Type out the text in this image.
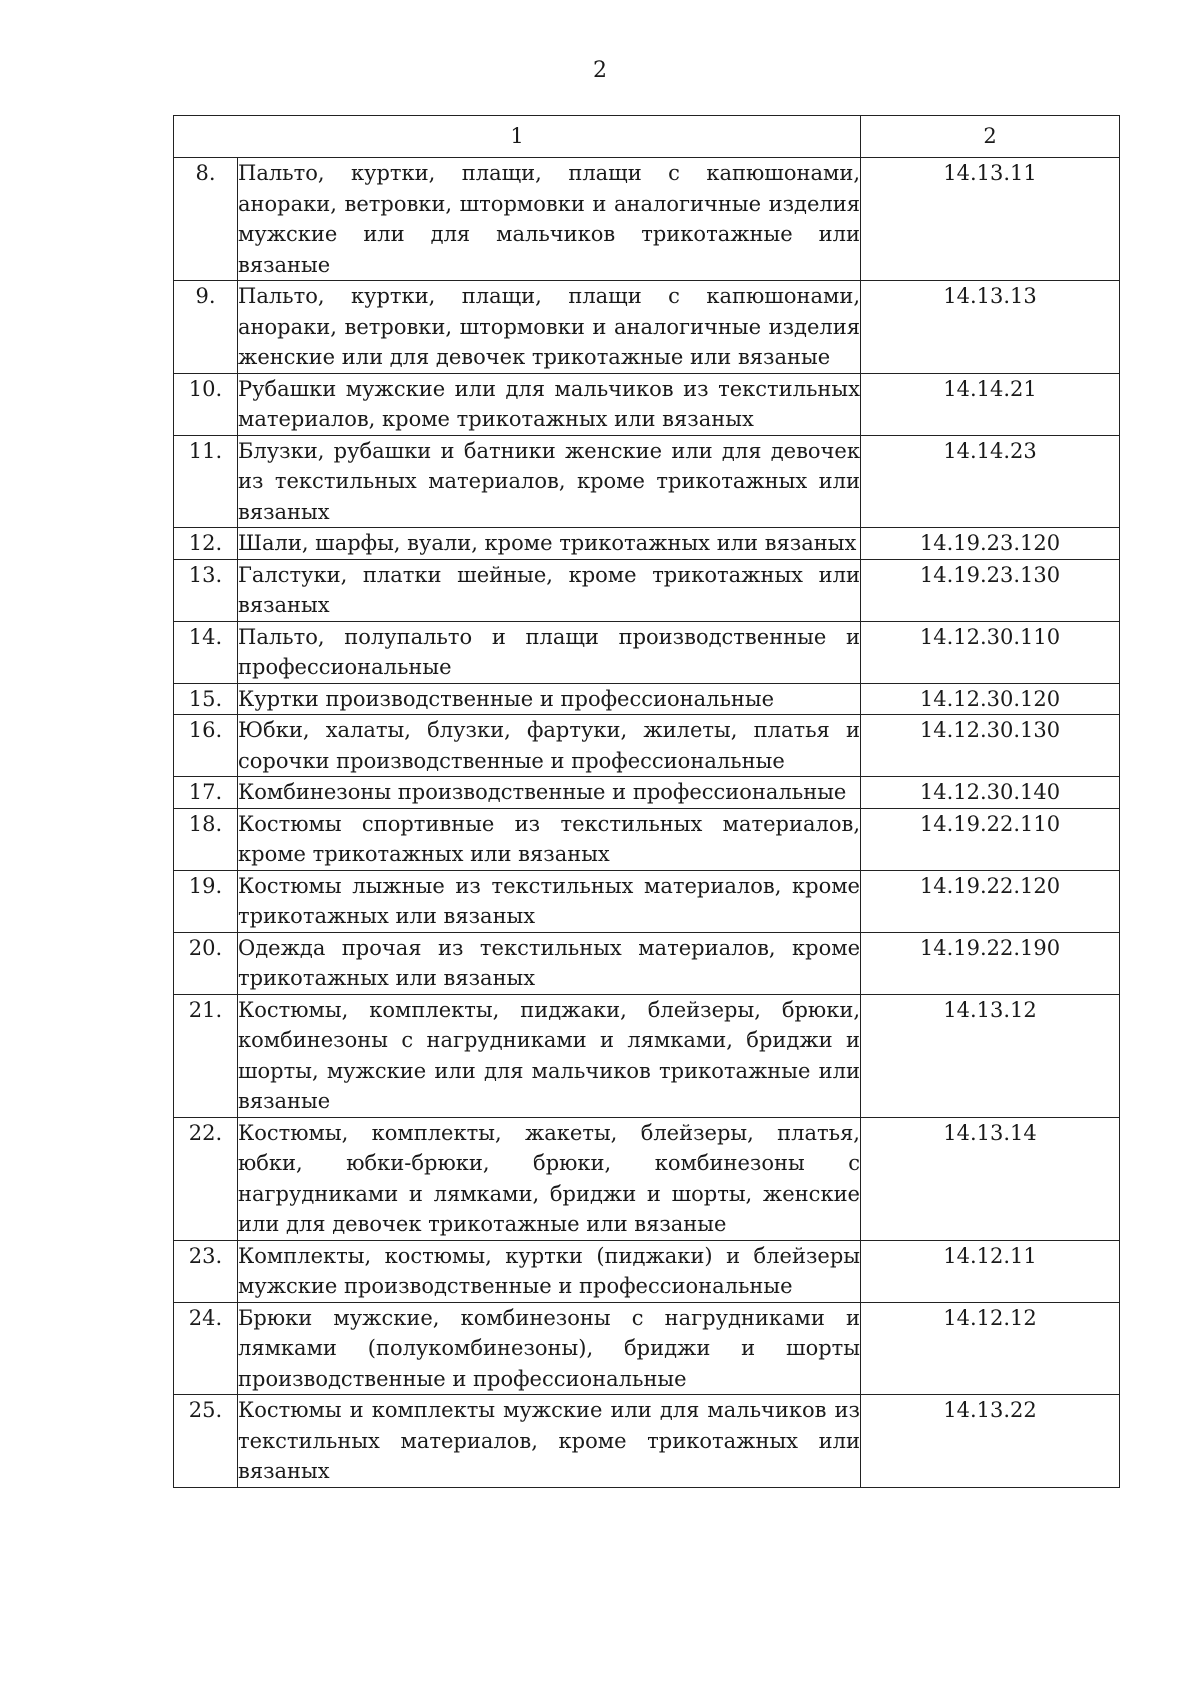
2
1		2
8.	Пальто, куртки, плащи, плащи с капюшонами, анораки, ветровки, штормовки и аналогичные изделия мужские или для мальчиков трикотажные или вязаные	14.13.11
9.	Пальто, куртки, плащи, плащи с капюшонами, анораки, ветровки, штормовки и аналогичные изделия женские или для девочек трикотажные или вязаные	14.13.13
10.	Рубашки мужские или для мальчиков из текстильных материалов, кроме трикотажных или вязаных	14.14.21
11.	Блузки, рубашки и батники женские или для девочек из текстильных материалов, кроме трикотажных или вязаных	14.14.23
12.	Шали, шарфы, вуали, кроме трикотажных или вязаных	14.19.23.120
13.	Галстуки, платки шейные, кроме трикотажных или вязаных	14.19.23.130
14.	Пальто, полупальто и плащи производственные и профессиональные	14.12.30.110
15.	Куртки производственные и профессиональные	14.12.30.120
16.	Юбки, халаты, блузки, фартуки, жилеты, платья и сорочки производственные и профессиональные	14.12.30.130
17.	Комбинезоны производственные и профессиональные	14.12.30.140
18.	Костюмы спортивные из текстильных материалов, кроме трикотажных или вязаных	14.19.22.110
19.	Костюмы лыжные из текстильных материалов, кроме трикотажных или вязаных	14.19.22.120
20.	Одежда прочая из текстильных материалов, кроме трикотажных или вязаных	14.19.22.190
21.	Костюмы, комплекты, пиджаки, блейзеры, брюки, комбинезоны с нагрудниками и лямками, бриджи и шорты, мужские или для мальчиков трикотажные или вязаные	14.13.12
22.	Костюмы, комплекты, жакеты, блейзеры, платья, юбки, юбки-брюки, брюки, комбинезоны с нагрудниками и лямками, бриджи и шорты, женские или для девочек трикотажные или вязаные	14.13.14
23.	Комплекты, костюмы, куртки (пиджаки) и блейзеры мужские производственные и профессиональные	14.12.11
24.	Брюки мужские, комбинезоны с нагрудниками и лямками (полукомбинезоны), бриджи и шорты производственные и профессиональные	14.12.12
25.	Костюмы и комплекты мужские или для мальчиков из текстильных материалов, кроме трикотажных или вязаных	14.13.22
